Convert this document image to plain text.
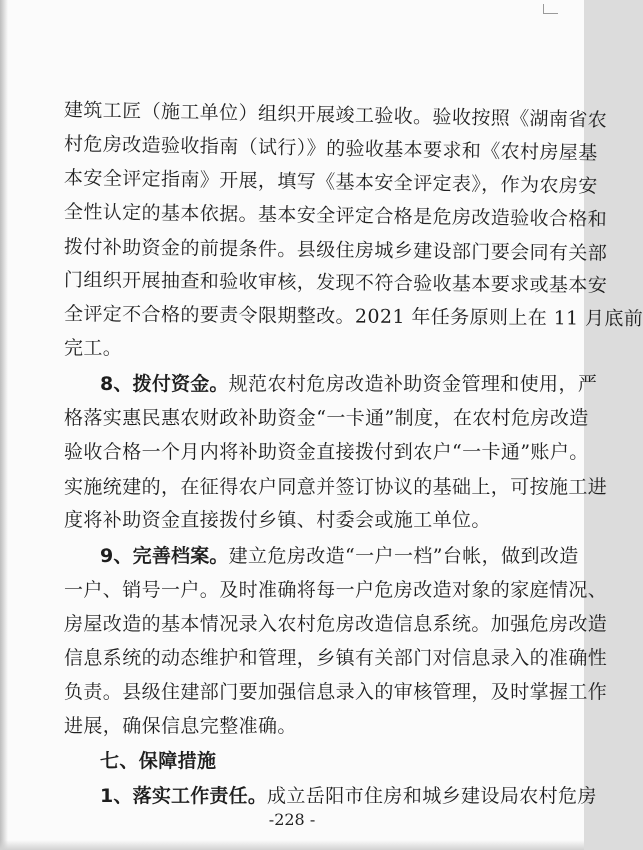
建筑工匠（施工单位）组织开展竣工验收。验收按照《湖南省农
村危房改造验收指南（试行）》的验收基本要求和《农村房屋基
本安全评定指南》开展，填写《基本安全评定表》，作为农房安
全性认定的基本依据。基本安全评定合格是危房改造验收合格和
拨付补助资金的前提条件。县级住房城乡建设部门要会同有关部
门组织开展抽查和验收审核，发现不符合验收基本要求或基本安
全评定不合格的要责令限期整改。2021 年任务原则上在 11 月底前
完工。
8、拨付资金。规范农村危房改造补助资金管理和使用，严
格落实惠民惠农财政补助资金“一卡通”制度，在农村危房改造
验收合格一个月内将补助资金直接拨付到农户“一卡通”账户。
实施统建的，在征得农户同意并签订协议的基础上，可按施工进
度将补助资金直接拨付乡镇、村委会或施工单位。
9、完善档案。建立危房改造“一户一档”台帐，做到改造
一户、销号一户。及时准确将每一户危房改造对象的家庭情况、
房屋改造的基本情况录入农村危房改造信息系统。加强危房改造
信息系统的动态维护和管理，乡镇有关部门对信息录入的准确性
负责。县级住建部门要加强信息录入的审核管理，及时掌握工作
进展，确保信息完整准确。
七、保障措施
1、落实工作责任。成立岳阳市住房和城乡建设局农村危房
-228 -
